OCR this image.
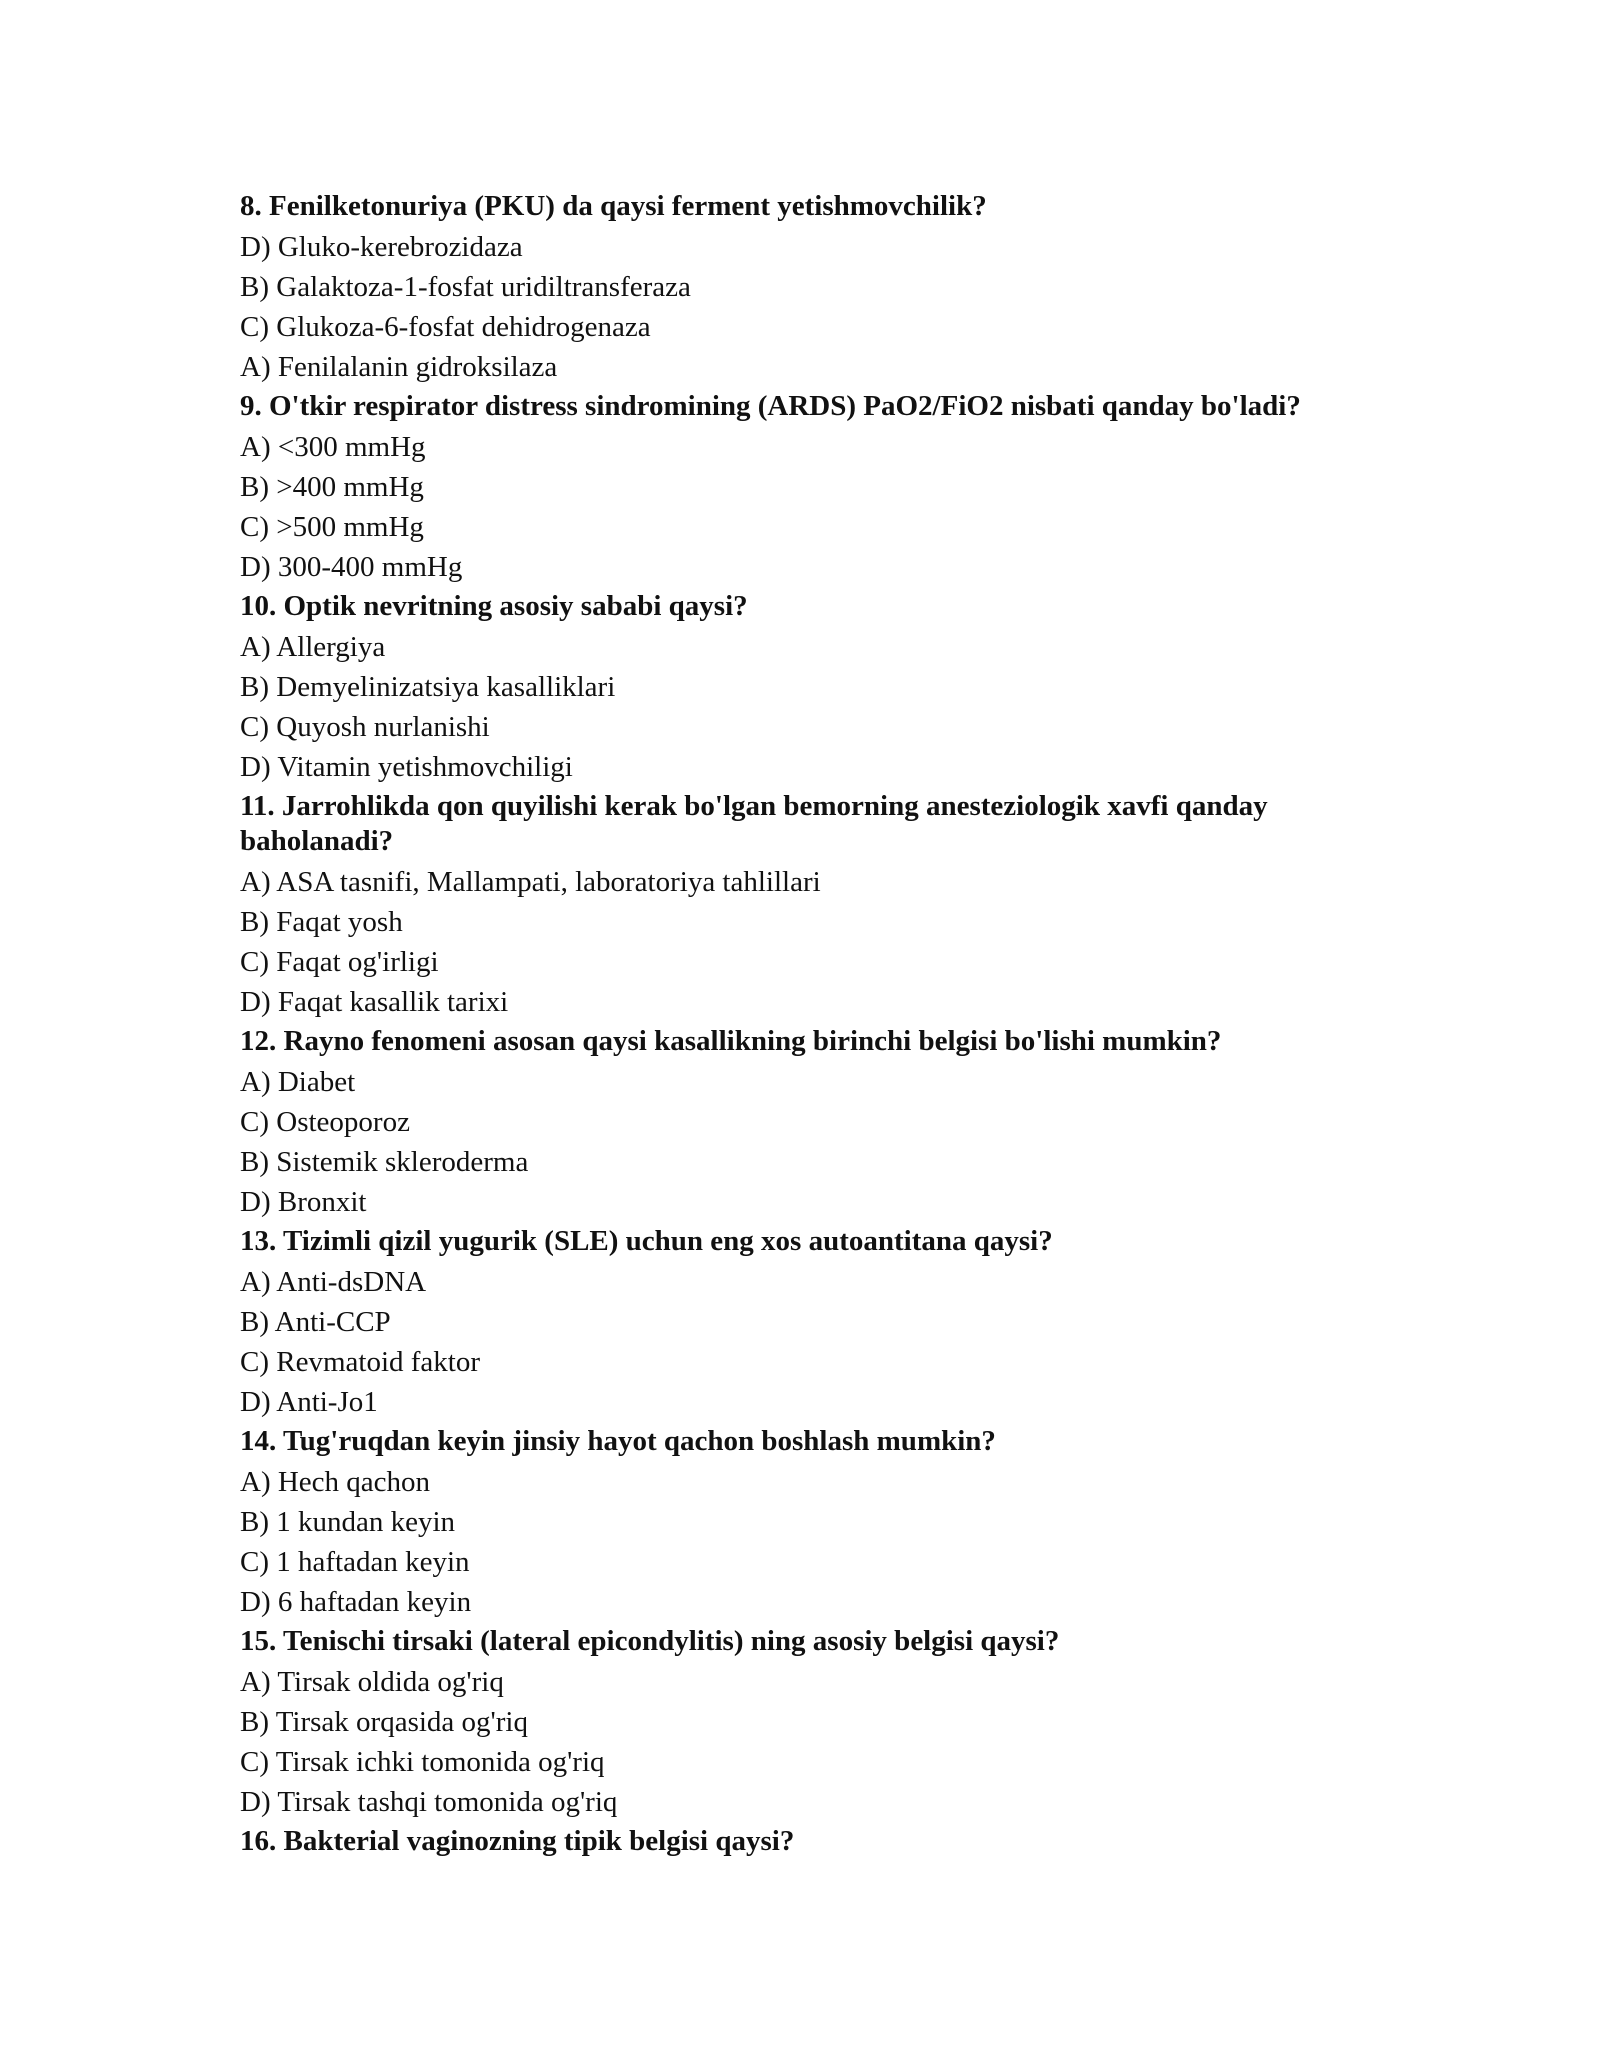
8. Fenilketonuriya (PKU) da qaysi ferment yetishmovchilik?

D) Gluko-kerebrozidaza

B) Galaktoza-1-fosfat uridiltransferaza

C) Glukoza-6-fosfat dehidrogenaza

A) Fenilalanin gidroksilaza

9. O'tkir respirator distress sindromining (ARDS) PaO2/FiO2 nisbati qanday bo'ladi?

A) <300 mmHg

B) >400 mmHg

C) >500 mmHg

D) 300-400 mmHg

10. Optik nevritning asosiy sababi qaysi?

A) Allergiya

B) Demyelinizatsiya kasalliklari

C) Quyosh nurlanishi

D) Vitamin yetishmovchiligi

11. Jarrohlikda qon quyilishi kerak bo'lgan bemorning anesteziologik xavfi qanday baholanadi?

A) ASA tasnifi, Mallampati, laboratoriya tahlillari

B) Faqat yosh

C) Faqat og'irligi

D) Faqat kasallik tarixi

12. Rayno fenomeni asosan qaysi kasallikning birinchi belgisi bo'lishi mumkin?

A) Diabet

C) Osteoporoz

B) Sistemik skleroderma

D) Bronxit

13. Tizimli qizil yugurik (SLE) uchun eng xos autoantitana qaysi?

A) Anti-dsDNA

B) Anti-CCP

C) Revmatoid faktor

D) Anti-Jo1

14. Tug'ruqdan keyin jinsiy hayot qachon boshlash mumkin?

A) Hech qachon

B) 1 kundan keyin

C) 1 haftadan keyin

D) 6 haftadan keyin

15. Tenischi tirsaki (lateral epicondylitis) ning asosiy belgisi qaysi?

A) Tirsak oldida og'riq

B) Tirsak orqasida og'riq

C) Tirsak ichki tomonida og'riq

D) Tirsak tashqi tomonida og'riq

16. Bakterial vaginozning tipik belgisi qaysi?
